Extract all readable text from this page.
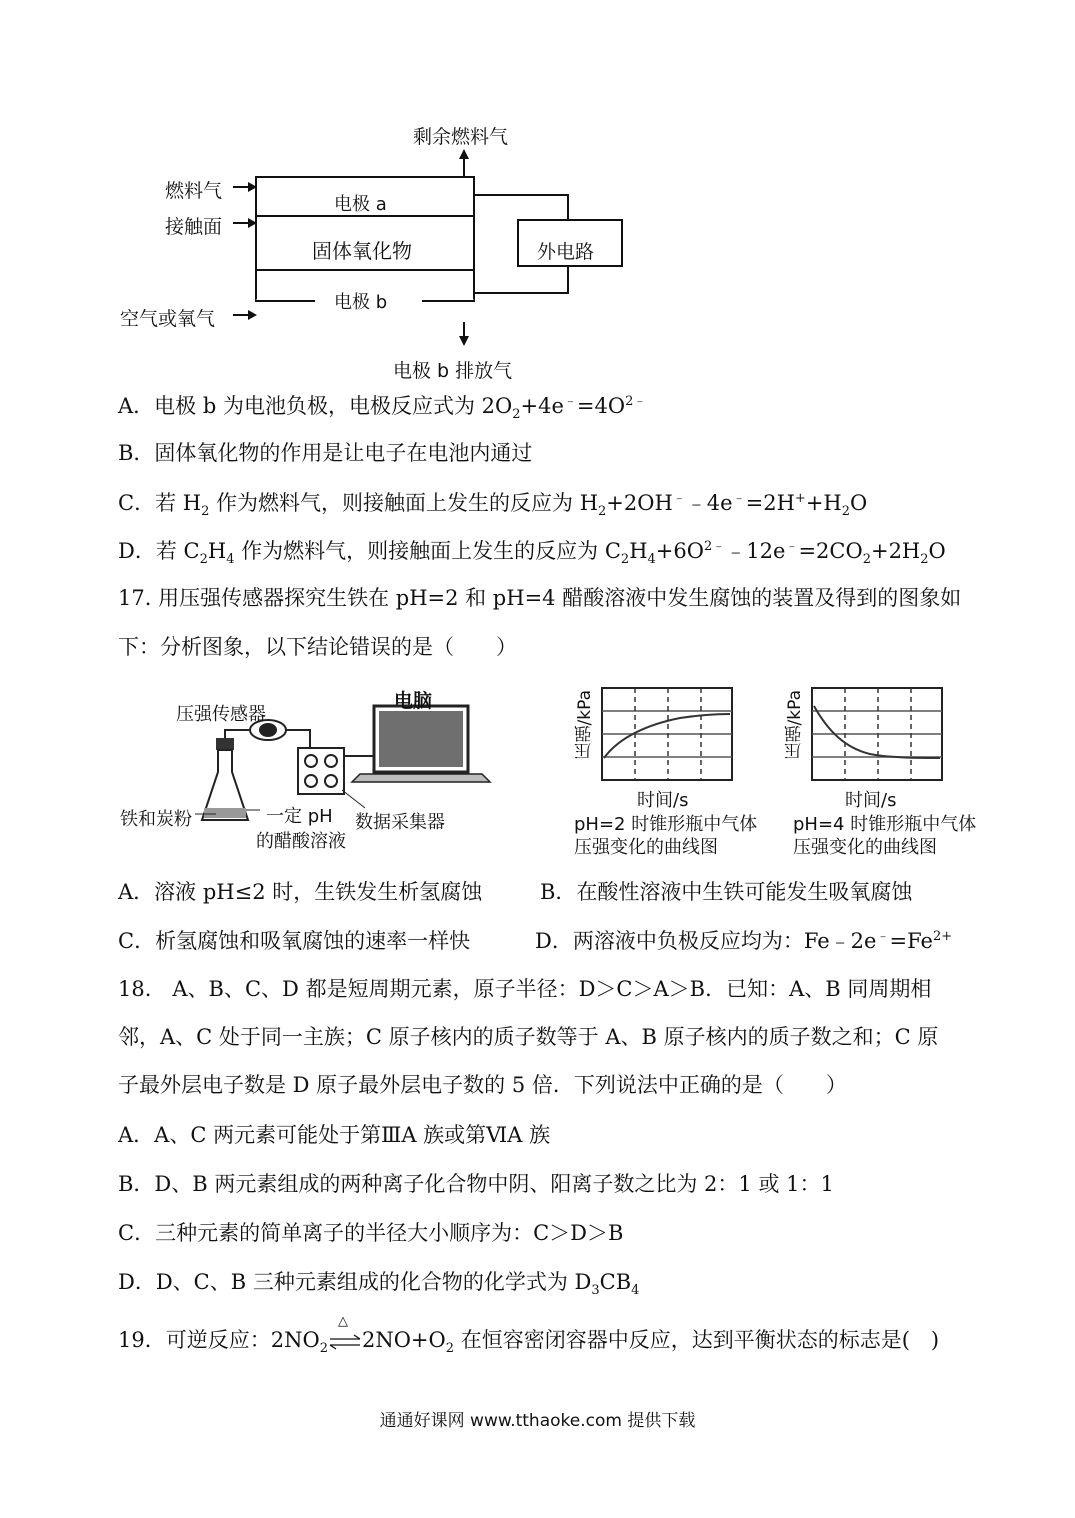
剩余燃料气
燃料气
接触面
空气或氧气
电极 a
固体氧化物
电极 b
外电路
电极 b 排放气
A．电极 b 为电池负极，电极反应式为 $2O_2+4e^﹣=4O^{2﹣}$
B．固体氧化物的作用是让电子在电池内通过
C．若 $H_2$ 作为燃料气，则接触面上发生的反应为 $H_2+2OH^﹣﹣4e^﹣=2H^++H_2O$
D．若 $C_2H_4$ 作为燃料气，则接触面上发生的反应为 $C_2H_4+6O^{2﹣}﹣12e^﹣=2CO_2+2H_2O$
17. 用压强传感器探究生铁在 pH=2 和 pH=4 醋酸溶液中发生腐蚀的装置及得到的图象如
下：分析图象，以下结论错误的是（　　）
压强传感器
电脑
铁和炭粉	一定 pH
的醋酸溶液
数据采集器
压强/kPa
时间/s
pH=2 时锥形瓶中气体
压强变化的曲线图
压强/kPa
时间/s
pH=4 时锥形瓶中气体
压强变化的曲线图
A．溶液 pH≤2 时，生铁发生析氢腐蚀	B．在酸性溶液中生铁可能发生吸氧腐蚀
C．析氢腐蚀和吸氧腐蚀的速率一样快	D．两溶液中负极反应均为：$Fe﹣2e^﹣=Fe^{2+}$
18.　A、B、C、D 都是短周期元素，原子半径：D＞C＞A＞B．已知：A、B 同周期相
邻，A、C 处于同一主族；C 原子核内的质子数等于 A、B 原子核内的质子数之和；C 原
子最外层电子数是 D 原子最外层电子数的 5 倍．下列说法中正确的是（　　）
A．A、C 两元素可能处于第ⅢA 族或第ⅥA 族
B．D、B 两元素组成的两种离子化合物中阴、阳离子数之比为 2：1 或 1：1
C．三种元素的简单离子的半径大小顺序为：C＞D＞B
D．D、C、B 三种元素组成的化合物的化学式为 $D_3CB_4$
19．可逆反应：$2NO_2$
△
$2NO+O_2$ 在恒容密闭容器中反应，达到平衡状态的标志是(　)
通通好课网 www.tthaoke.com 提供下载
